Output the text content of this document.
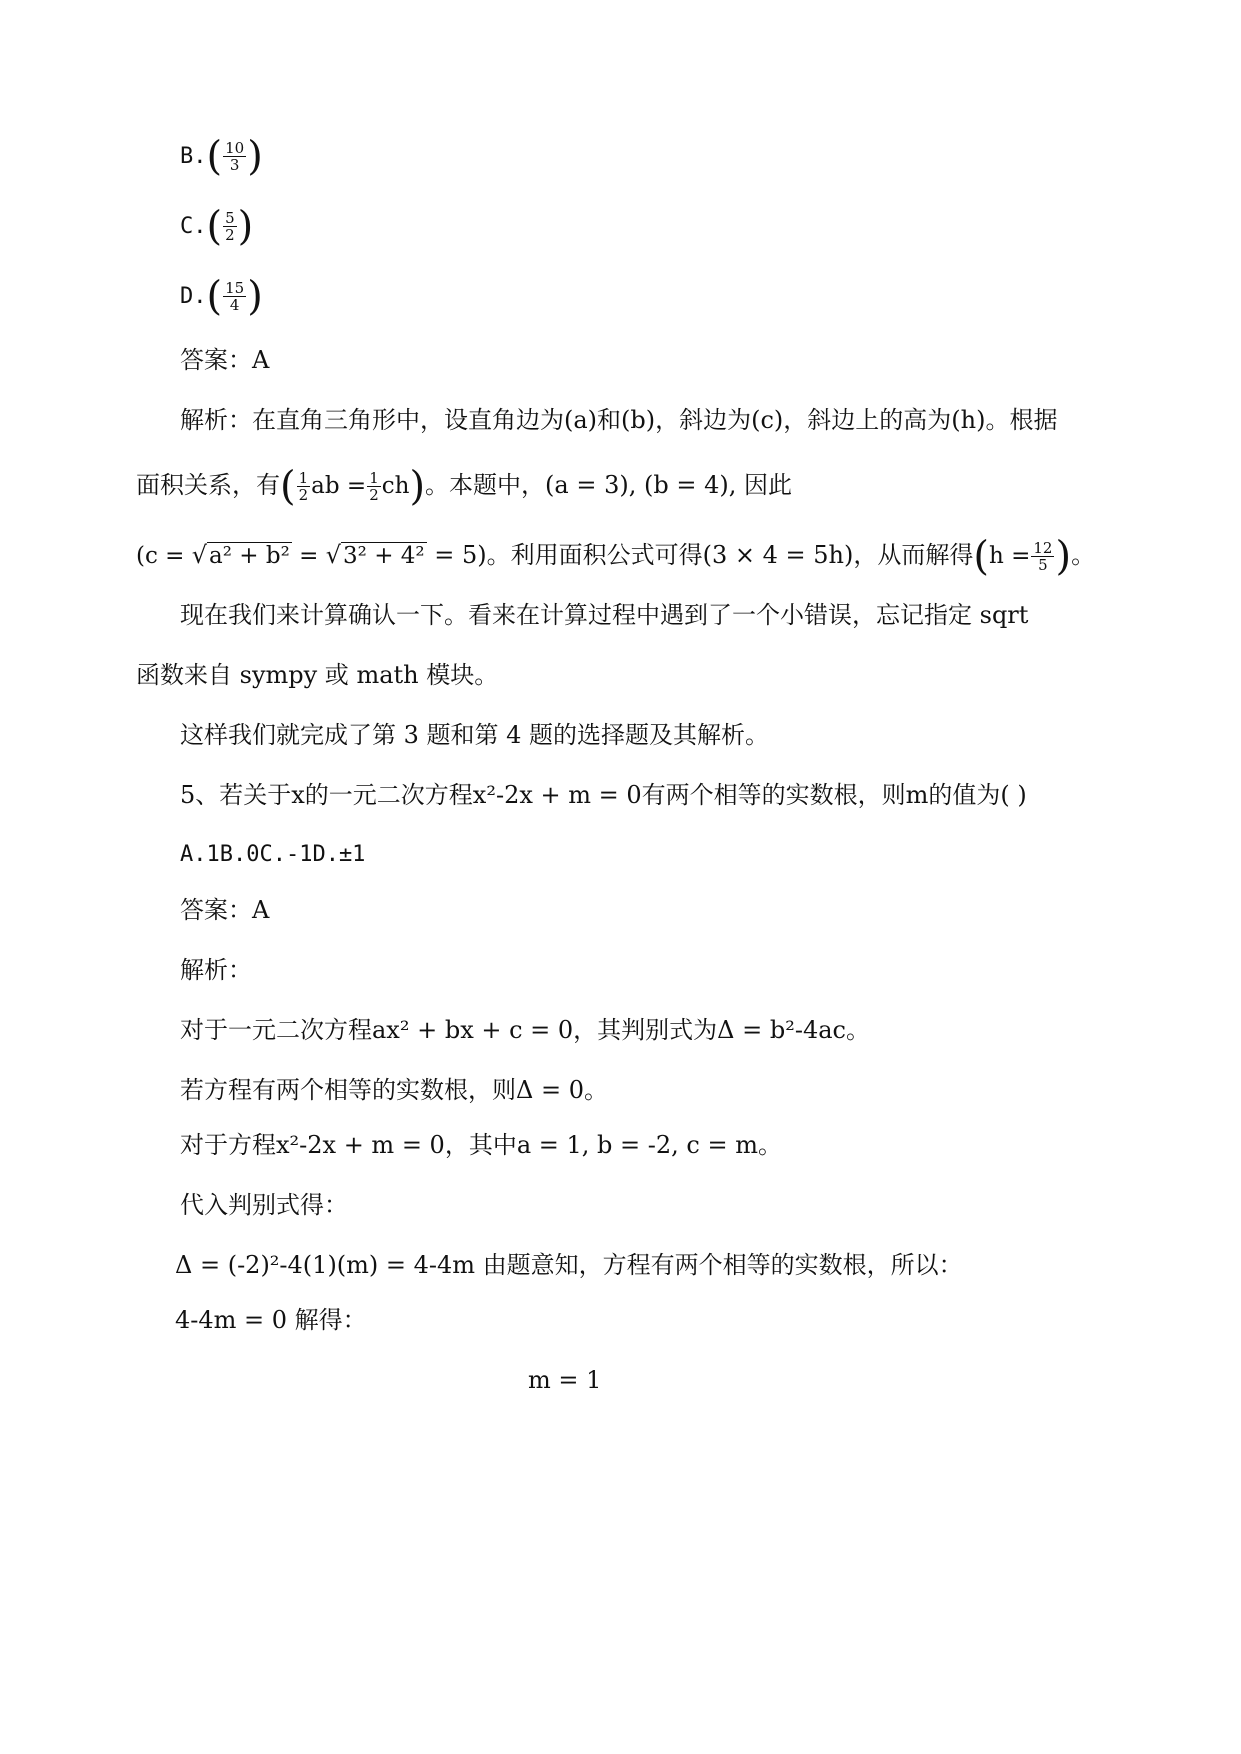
$B.( \frac{10}{3}$ )
$C.( \frac{5}{2}$ )
$D.( \frac{15}{4}$ )
答案：A
解析：在直角三角形中，设直角边为(a)和(b)，斜边为(c)，斜边上的高为(h)。根据
面积关系，有( $\frac{1}{2}$ ab = $\frac{1}{2} ch$)。本题中，(a = 3), (b = 4), 因此
(c = √a² + b² = √3² + 4² = 5)。利用面积公式可得(3 × 4 = 5h)，从而解得($h = \frac{12}{5}$ )。
现在我们来计算确认一下。看来在计算过程中遇到了一个小错误，忘记指定 sqrt
函数来自 sympy 或 math 模块。
这样我们就完成了第 3 题和第 4 题的选择题及其解析。
5、若关于x的一元二次方程x²-2x + m = 0有两个相等的实数根，则m的值为( )
A.1B.0C.-1D.±1
答案：A
解析：
对于一元二次方程ax² + bx + c = 0，其判别式为Δ = b²-4ac。
若方程有两个相等的实数根，则Δ = 0。
对于方程x²-2x + m = 0，其中a = 1, b = -2, c = m。
代入判别式得：
Δ = (-2)²-4(1)(m) = 4-4m 由题意知，方程有两个相等的实数根，所以：
4-4m = 0 解得：
m = 1
